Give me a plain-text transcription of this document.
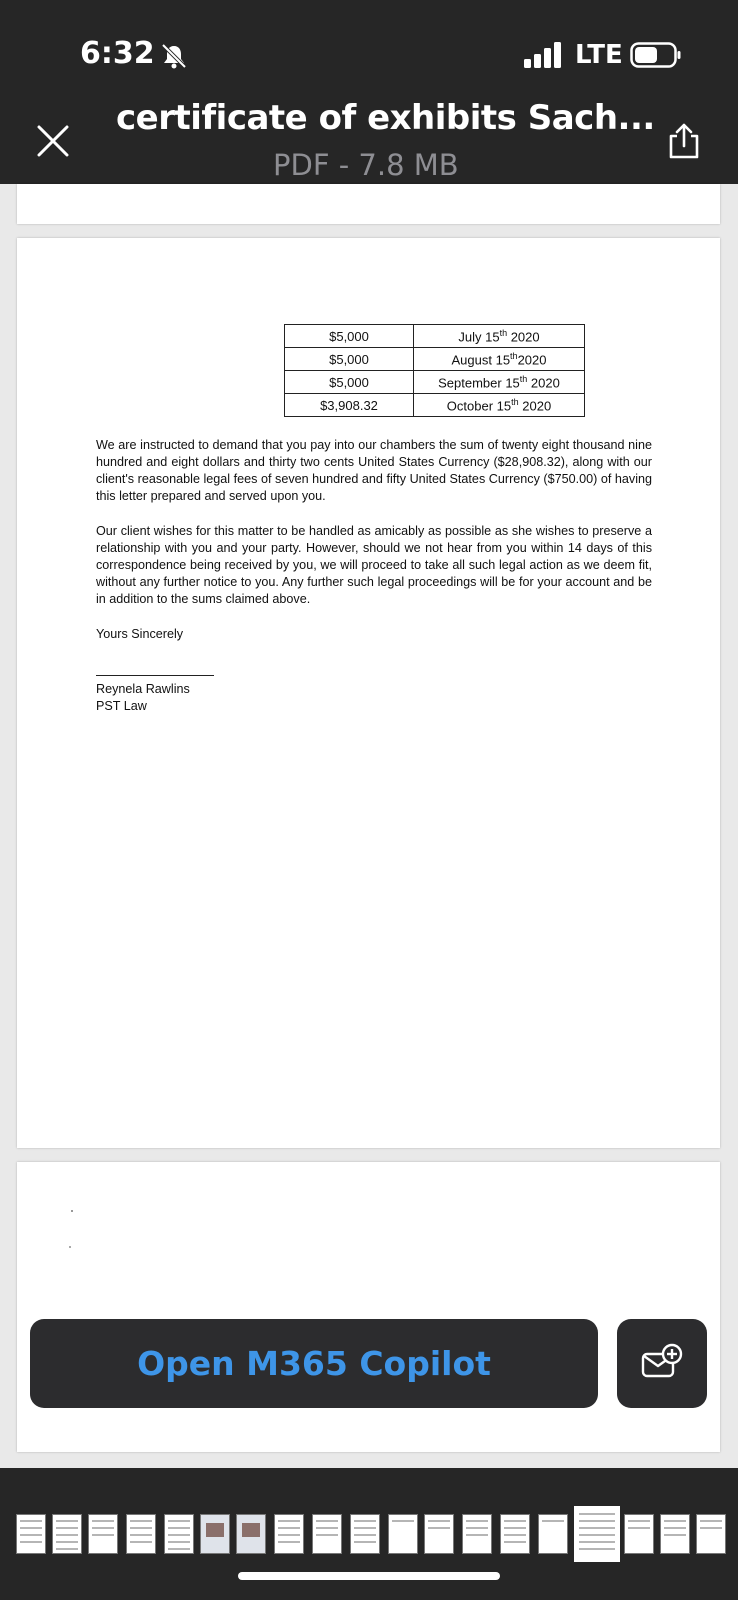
6:32	LTE
certificate of exhibits Sach...
PDF - 7.8 MB
$5,000	July 15th 2020
$5,000	August 15th2020
$5,000	September 15th 2020
$3,908.32	October 15th 2020

We are instructed to demand that you pay into our chambers the sum of twenty eight thousand nine hundred and eight dollars and thirty two cents United States Currency ($28,908.32), along with our client's reasonable legal fees of seven hundred and fifty United States Currency ($750.00) of having this letter prepared and served upon you.

Our client wishes for this matter to be handled as amicably as possible as she wishes to preserve a relationship with you and your party. However, should we not hear from you within 14 days of this correspondence being received by you, we will proceed to take all such legal action as we deem fit, without any further notice to you. Any further such legal proceedings will be for your account and be in addition to the sums claimed above.

Yours Sincerely
Reynela Rawlins
PST Law
Open M365 Copilot
